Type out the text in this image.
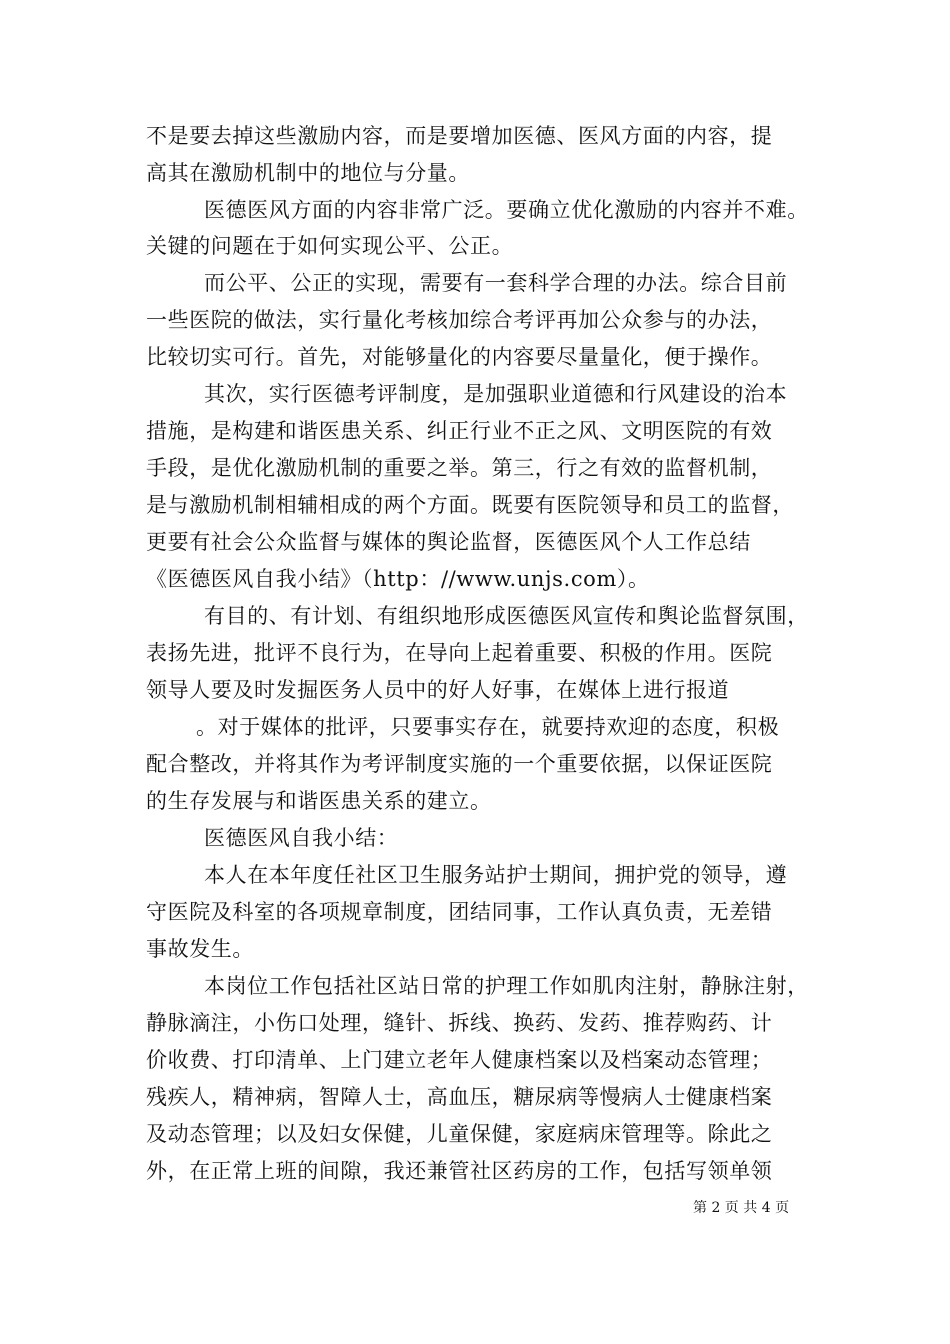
不是要去掉这些激励内容，而是要增加医德、医风方面的内容，提
高其在激励机制中的地位与分量。
医德医风方面的内容非常广泛。要确立优化激励的内容并不难。
关键的问题在于如何实现公平、公正。
而公平、公正的实现，需要有一套科学合理的办法。综合目前
一些医院的做法，实行量化考核加综合考评再加公众参与的办法，
比较切实可行。首先，对能够量化的内容要尽量量化，便于操作。
其次，实行医德考评制度，是加强职业道德和行风建设的治本
措施，是构建和谐医患关系、纠正行业不正之风、文明医院的有效
手段，是优化激励机制的重要之举。第三，行之有效的监督机制，
是与激励机制相辅相成的两个方面。既要有医院领导和员工的监督，
更要有社会公众监督与媒体的舆论监督，医德医风个人工作总结
《医德医风自我小结》（http：//www.unjs.com）。
有目的、有计划、有组织地形成医德医风宣传和舆论监督氛围，
表扬先进，批评不良行为，在导向上起着重要、积极的作用。医院
领导人要及时发掘医务人员中的好人好事，在媒体上进行报道
。对于媒体的批评，只要事实存在，就要持欢迎的态度，积极
配合整改，并将其作为考评制度实施的一个重要依据，以保证医院
的生存发展与和谐医患关系的建立。
医德医风自我小结：
本人在本年度任社区卫生服务站护士期间，拥护党的领导，遵
守医院及科室的各项规章制度，团结同事，工作认真负责，无差错
事故发生。
本岗位工作包括社区站日常的护理工作如肌肉注射，静脉注射，
静脉滴注，小伤口处理，缝针、拆线、换药、发药、推荐购药、计
价收费、打印清单、上门建立老年人健康档案以及档案动态管理；
残疾人，精神病，智障人士，高血压，糖尿病等慢病人士健康档案
及动态管理；以及妇女保健，儿童保健，家庭病床管理等。除此之
外，在正常上班的间隙，我还兼管社区药房的工作，包括写领单领
第 2 页 共 4 页
